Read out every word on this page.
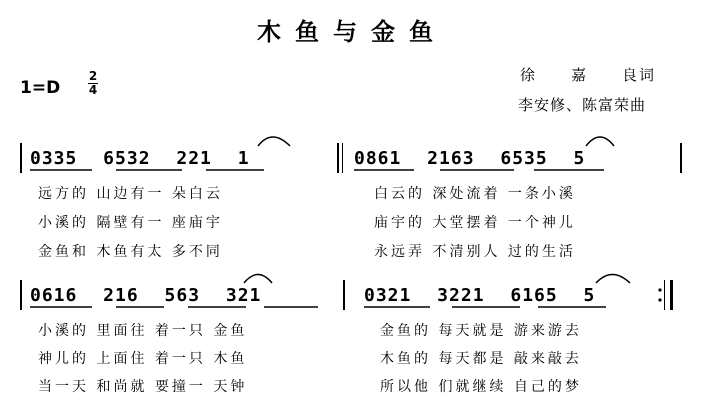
木鱼与金鱼
1=D
2
4
徐　　嘉　　良词
李安修、陈富荣曲
0335 6532 221 1	0861 2163 6535 5
远方的 山边有一 朵白云	白云的 深处流着 一条小溪
小溪的 隔壁有一 座庙宇	庙宇的 大堂摆着 一个神儿
金鱼和 木鱼有太 多不同	永远弄 不清别人 过的生活
0616 216 563 321	0321 3221 6165 5
小溪的 里面往 着一只 金鱼	金鱼的 每天就是 游来游去
神儿的 上面住 着一只 木鱼	木鱼的 每天都是 敲来敲去
当一天 和尚就 要撞一 天钟	所以他 们就继续 自己的梦
